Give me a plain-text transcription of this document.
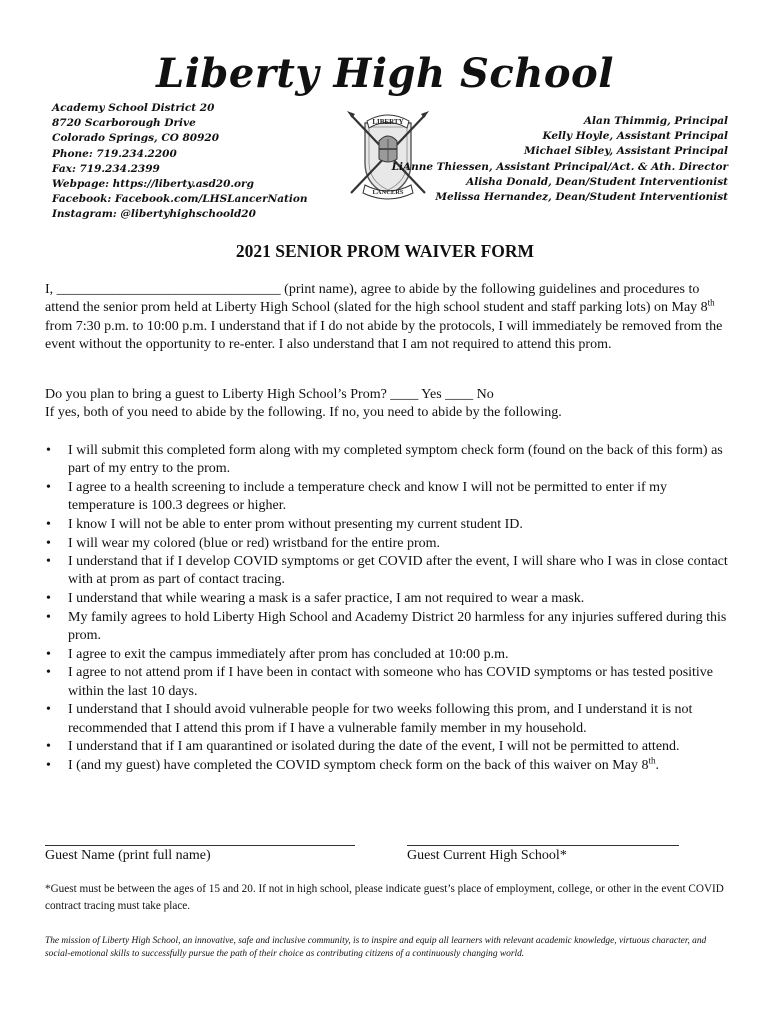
Liberty High School
Academy School District 20
8720 Scarborough Drive
Colorado Springs, CO 80920
Phone: 719.234.2200
Fax: 719.234.2399
Webpage: https://liberty.asd20.org
Facebook: Facebook.com/LHSLancerNation
Instagram: @libertyhighschoold20
LIBERTY
LANCERS
Alan Thimmig, Principal
Kelly Hoyle, Assistant Principal
Michael Sibley, Assistant Principal
LiAnne Thiessen, Assistant Principal/Act. & Ath. Director
Alisha Donald, Dean/Student Interventionist
Melissa Hernandez, Dean/Student Interventionist
2021 SENIOR PROM WAIVER FORM
I, ________________________________ (print name), agree to abide by the following guidelines and procedures to attend the senior prom held at Liberty High School (slated for the high school student and staff parking lots) on May 8th from 7:30 p.m. to 10:00 p.m. I understand that if I do not abide by the protocols, I will immediately be removed from the event without the opportunity to re-enter. I also understand that I am not required to attend this prom.
Do you plan to bring a guest to Liberty High School’s Prom? ____ Yes ____ No
If yes, both of you need to abide by the following. If no, you need to abide by the following.
• I will submit this completed form along with my completed symptom check form (found on the back of this form) as part of my entry to the prom.
• I agree to a health screening to include a temperature check and know I will not be permitted to enter if my temperature is 100.3 degrees or higher.
• I know I will not be able to enter prom without presenting my current student ID.
• I will wear my colored (blue or red) wristband for the entire prom.
• I understand that if I develop COVID symptoms or get COVID after the event, I will share who I was in close contact with at prom as part of contact tracing.
• I understand that while wearing a mask is a safer practice, I am not required to wear a mask.
• My family agrees to hold Liberty High School and Academy District 20 harmless for any injuries suffered during this prom.
• I agree to exit the campus immediately after prom has concluded at 10:00 p.m.
• I agree to not attend prom if I have been in contact with someone who has COVID symptoms or has tested positive within the last 10 days.
• I understand that I should avoid vulnerable people for two weeks following this prom, and I understand it is not recommended that I attend this prom if I have a vulnerable family member in my household.
• I understand that if I am quarantined or isolated during the date of the event, I will not be permitted to attend.
• I (and my guest) have completed the COVID symptom check form on the back of this waiver on May 8th.
Guest Name (print full name)	Guest Current High School*
*Guest must be between the ages of 15 and 20. If not in high school, please indicate guest’s place of employment, college, or other in the event COVID contract tracing must take place.
The mission of Liberty High School, an innovative, safe and inclusive community, is to inspire and equip all learners with relevant academic knowledge, virtuous character, and social-emotional skills to successfully pursue the path of their choice as contributing citizens of a continuously changing world.
